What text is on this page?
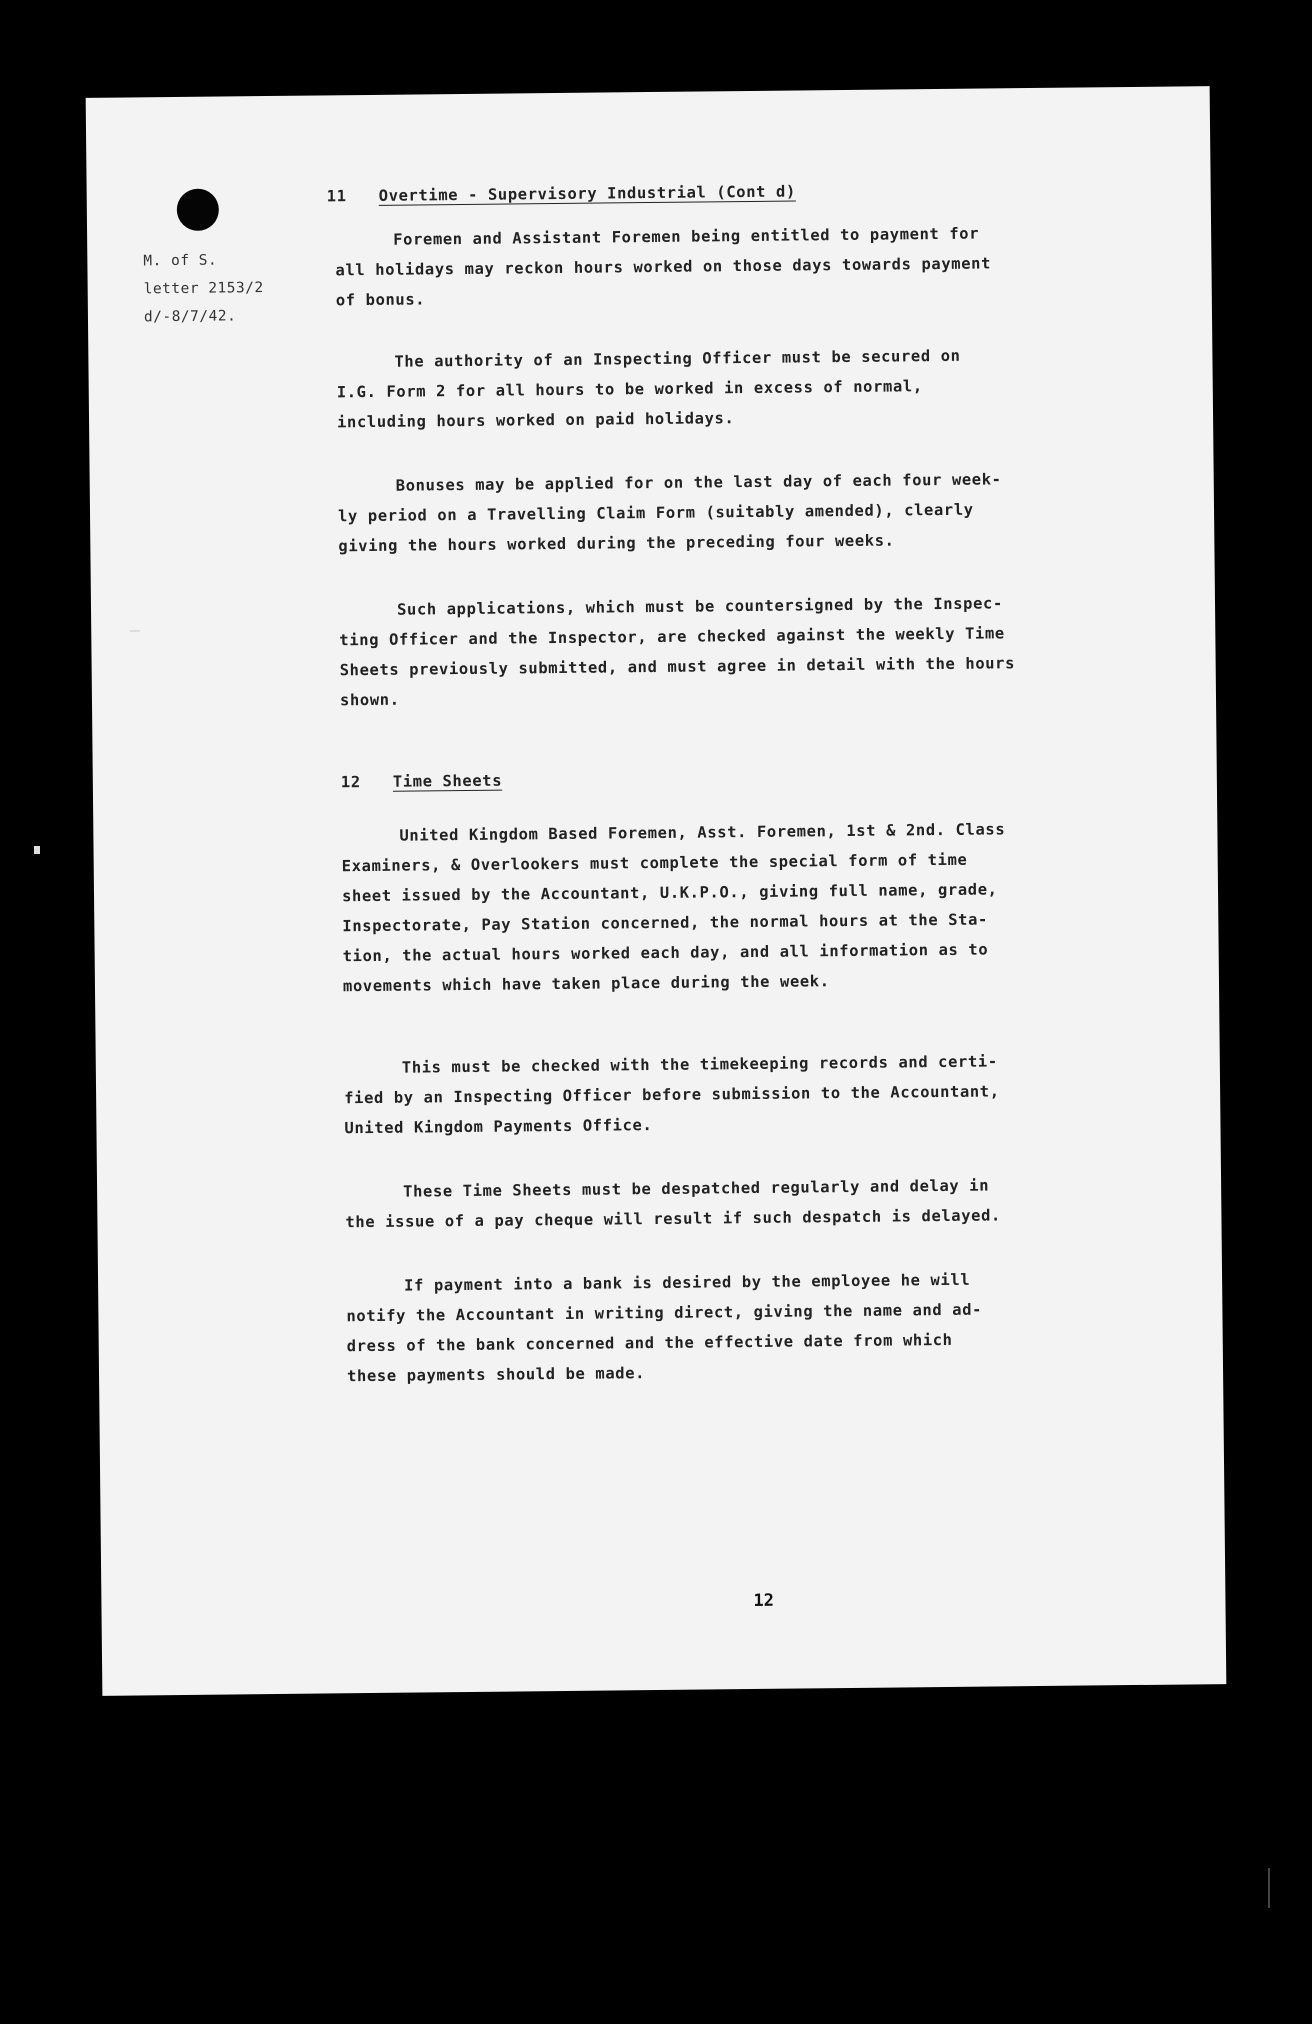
M. of S.
letter 2153/2
d/-8/7/42.
11 Overtime - Supervisory Industrial (Cont d)
Foremen and Assistant Foremen being entitled to payment for
all holidays may reckon hours worked on those days towards payment
of bonus.
The authority of an Inspecting Officer must be secured on
I.G. Form 2 for all hours to be worked in excess of normal,
including hours worked on paid holidays.
Bonuses may be applied for on the last day of each four week-
ly period on a Travelling Claim Form (suitably amended), clearly
giving the hours worked during the preceding four weeks.
Such applications, which must be countersigned by the Inspec-
ting Officer and the Inspector, are checked against the weekly Time
Sheets previously submitted, and must agree in detail with the hours
shown.
12 Time Sheets
United Kingdom Based Foremen, Asst. Foremen, 1st & 2nd. Class
Examiners, & Overlookers must complete the special form of time
sheet issued by the Accountant, U.K.P.O., giving full name, grade,
Inspectorate, Pay Station concerned, the normal hours at the Sta-
tion, the actual hours worked each day, and all information as to
movements which have taken place during the week.
This must be checked with the timekeeping records and certi-
fied by an Inspecting Officer before submission to the Accountant,
United Kingdom Payments Office.
These Time Sheets must be despatched regularly and delay in
the issue of a pay cheque will result if such despatch is delayed.
If payment into a bank is desired by the employee he will
notify the Accountant in writing direct, giving the name and ad-
dress of the bank concerned and the effective date from which
these payments should be made.
12
